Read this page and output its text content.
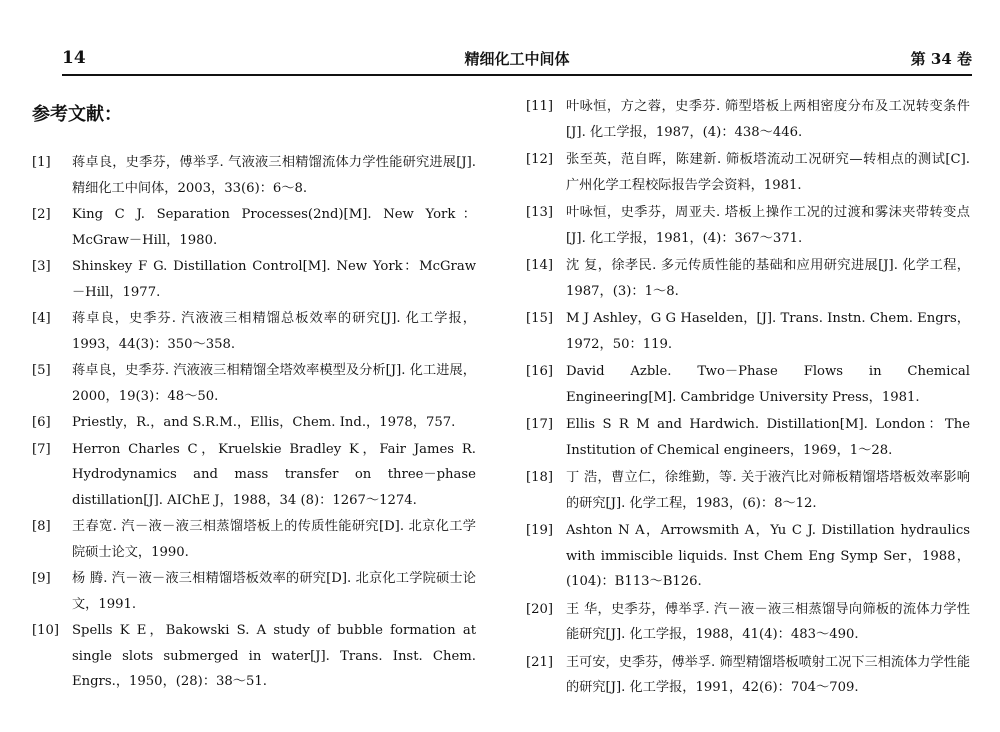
14	精细化工中间体	第 34 卷
参考文献：
[1] 蒋卓良，史季芬，傅举孚. 气液液三相精馏流体力学性能研究进展[J]. 精细化工中间体，2003，33(6)：6～8.
[2] King C J. Separation Processes(2nd)[M]. New York：McGraw－Hill，1980.
[3] Shinskey F G. Distillation Control[M]. New York：McGraw－Hill，1977.
[4] 蒋卓良，史季芬. 汽液液三相精馏总板效率的研究[J]. 化工学报，1993，44(3)：350～358.
[5] 蒋卓良，史季芬. 汽液液三相精馏全塔效率模型及分析[J]. 化工进展，2000，19(3)：48～50.
[6] Priestly，R.，and S.R.M.，Ellis，Chem. Ind.，1978，757.
[7] Herron Charles C，Kruelskie Bradley K，Fair James R. Hydrodynamics and mass transfer on three－phase distillation[J]. AIChE J，1988，34 (8)：1267～1274.
[8] 王春宽. 汽－液－液三相蒸馏塔板上的传质性能研究[D]. 北京化工学院硕士论文，1990.
[9] 杨 腾. 汽－液－液三相精馏塔板效率的研究[D]. 北京化工学院硕士论文，1991.
[10] Spells K E，Bakowski S. A study of bubble formation at single slots submerged in water[J]. Trans. Inst. Chem. Engrs.，1950，(28)：38～51.
[11] 叶咏恒，方之蓉，史季芬. 筛型塔板上两相密度分布及工况转变条件[J]. 化工学报，1987，(4)：438～446.
[12] 张至英，范自晖，陈建新. 筛板塔流动工况研究—转相点的测试[C]. 广州化学工程校际报告学会资料，1981.
[13] 叶咏恒，史季芬，周亚夫. 塔板上操作工况的过渡和雾沫夹带转变点[J]. 化工学报，1981，(4)：367～371.
[14] 沈 复，徐孝民. 多元传质性能的基础和应用研究进展[J]. 化学工程，1987，(3)：1～8.
[15] M J Ashley，G G Haselden，[J]. Trans. Instn. Chem. Engrs，1972，50：119.
[16] David Azble. Two－Phase Flows in Chemical Engineering[M]. Cambridge University Press，1981.
[17] Ellis S R M and Hardwich. Distillation[M]. London：The Institution of Chemical engineers，1969，1～28.
[18] 丁 浩，曹立仁，徐维勤，等. 关于液汽比对筛板精馏塔塔板效率影响的研究[J]. 化学工程，1983，(6)：8～12.
[19] Ashton N A，Arrowsmith A，Yu C J. Distillation hydraulics with immiscible liquids. Inst Chem Eng Symp Ser，1988，(104)：B113～B126.
[20] 王 华，史季芬，傅举孚. 汽－液－液三相蒸馏导向筛板的流体力学性能研究[J]. 化工学报，1988，41(4)：483～490.
[21] 王可安，史季芬，傅举孚. 筛型精馏塔板喷射工况下三相流体力学性能的研究[J]. 化工学报，1991，42(6)：704～709.
